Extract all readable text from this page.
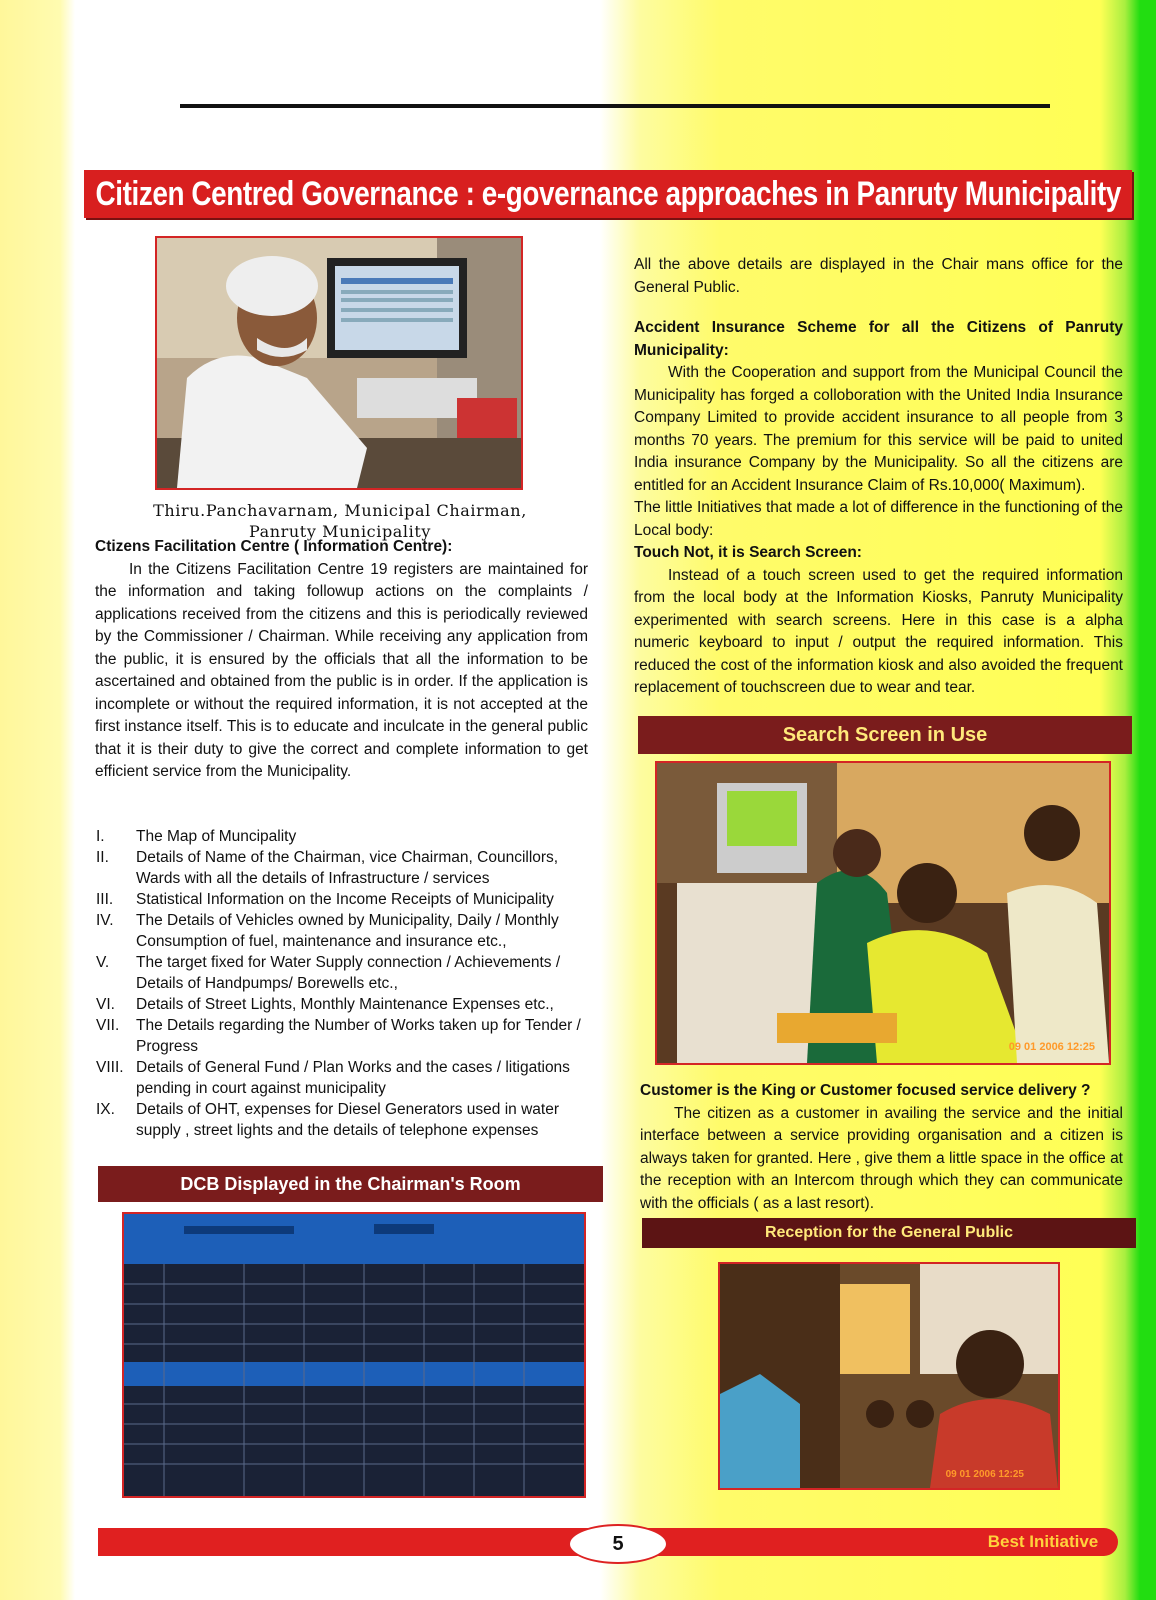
Citizen Centred Governance : e-governance approaches in Panruty Municipality
Thiru.Panchavarnam, Municipal Chairman,
Panruty Municipality

Ctizens Facilitation Centre ( Information Centre):

In the Citizens Facilitation Centre 19 registers are maintained for the information and taking followup actions on the complaints / applications received from the citizens and this is periodically reviewed by the Commissioner / Chairman. While receiving any application from the public, it is ensured by the officials that all the information to be ascertained and obtained from the public is in order. If the application is incomplete or without the required information, it is not accepted at the first instance itself. This is to educate and inculcate in the general public that it is their duty to give the correct and complete information to get efficient service from the Municipality.

I. The Map of Muncipality
II. Details of Name of the Chairman, vice Chairman, Councillors, Wards with all the details of Infrastructure / services
III. Statistical Information on the Income Receipts of Municipality
IV. The Details of Vehicles owned by Municipality, Daily / Monthly Consumption of fuel, maintenance and insurance etc.,
V. The target fixed for Water Supply connection / Achievements / Details of Handpumps/ Borewells etc.,
VI. Details of Street Lights, Monthly Maintenance Expenses etc.,
VII. The Details regarding the Number of Works taken up for Tender / Progress
VIII. Details of General Fund / Plan Works and the cases / litigations pending in court against municipality
IX. Details of OHT, expenses for Diesel Generators used in water supply , street lights and the details of telephone expenses
DCB Displayed in the Chairman's Room

All the above details are displayed in the Chair mans office for the General Public.

Accident Insurance Scheme for all the Citizens of Panruty Municipality:

With the Cooperation and support from the Municipal Council the Municipality has forged a colloboration with the United India Insurance Company Limited to provide accident insurance to all people from 3 months 70 years. The premium for this service will be paid to united India insurance Company by the Municipality. So all the citizens are entitled for an Accident Insurance Claim of Rs.10,000( Maximum).

The little Initiatives that made a lot of difference in the functioning of the Local body:

Touch Not, it is Search Screen:

Instead of a touch screen used to get the required information from the local body at the Information Kiosks, Panruty Municipality experimented with search screens. Here in this case is a alpha numeric keyboard to input / output the required information. This reduced the cost of the information kiosk and also avoided the frequent replacement of touchscreen due to wear and tear.

Search Screen in Use
09 01 2006 12:25

Customer is the King or Customer focused service delivery ?

The citizen as a customer in availing the service and the initial interface between a service providing organisation and a citizen is always taken for granted. Here , give them a little space in the office at the reception with an Intercom through which they can communicate with the officials ( as a last resort).

Reception for the General Public
09 01 2006 12:25
5	Best Initiative
